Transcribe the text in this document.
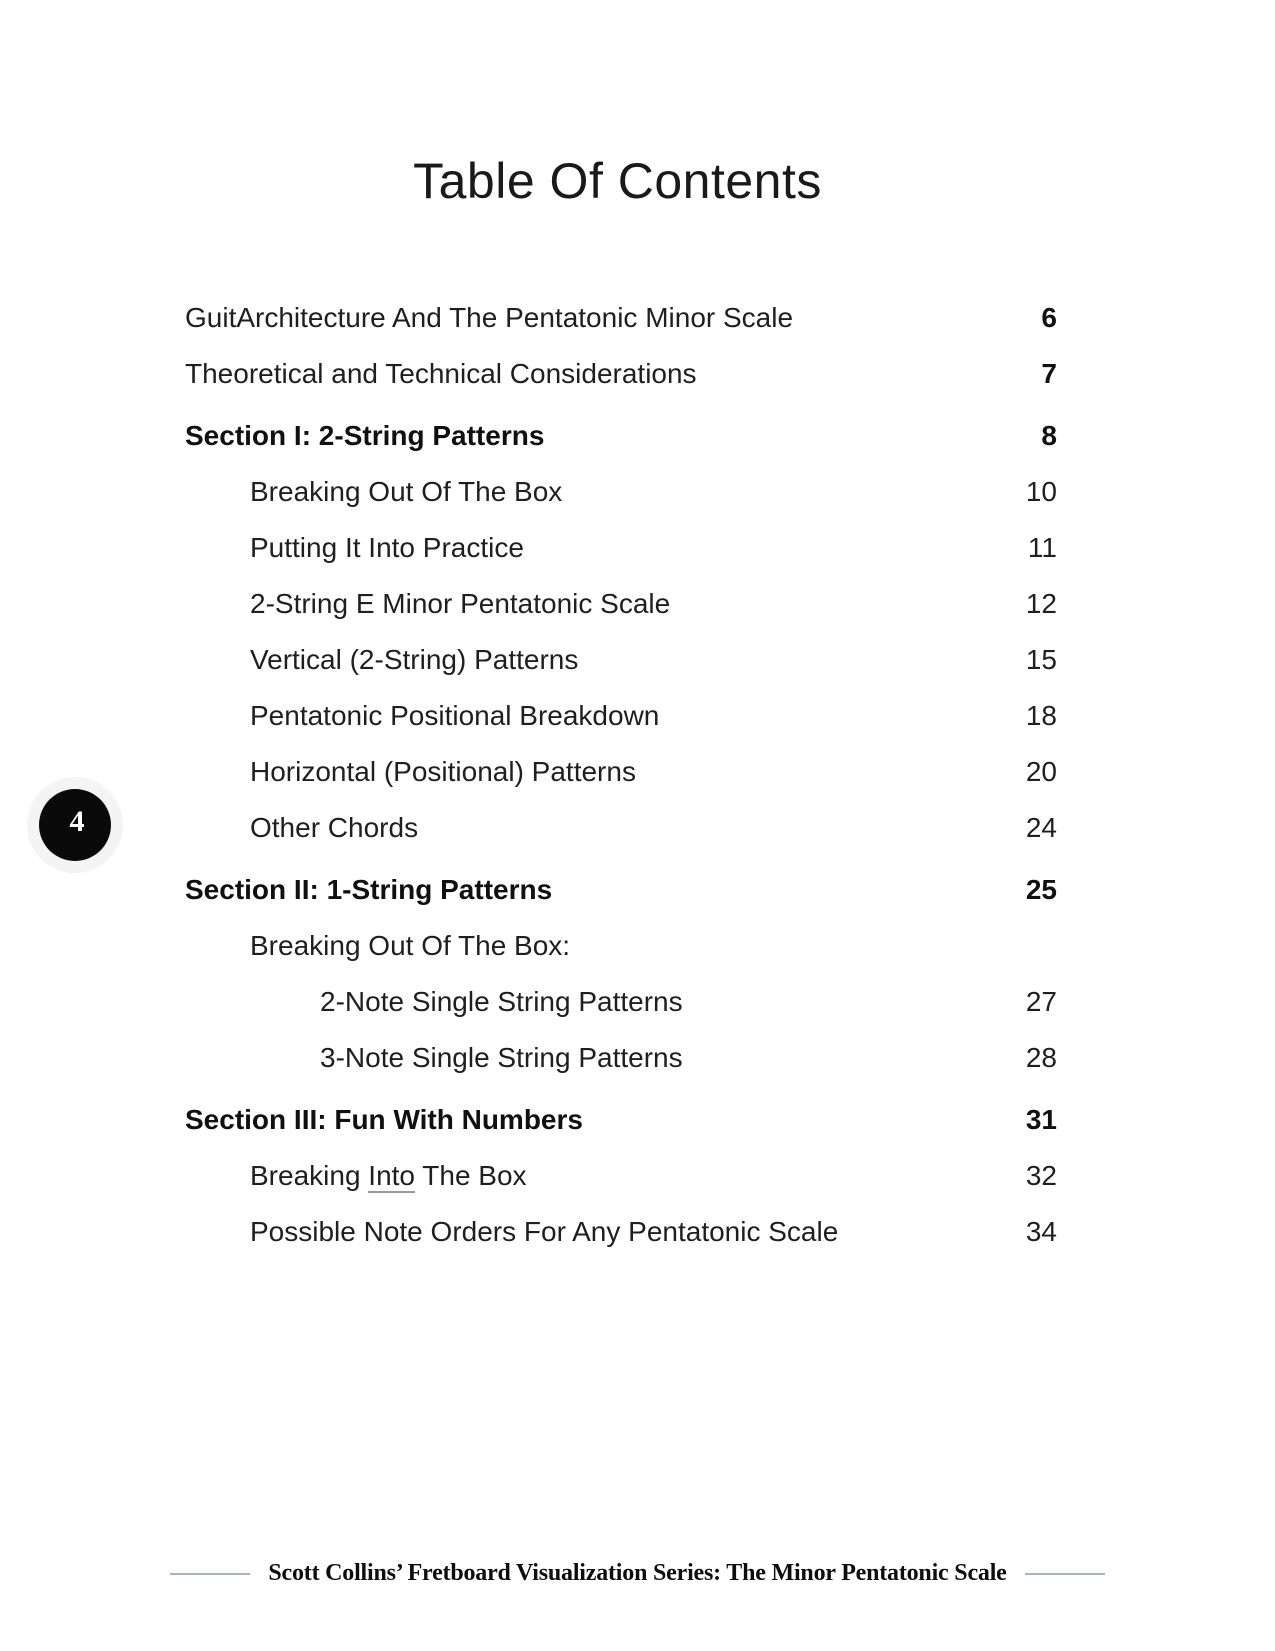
Table Of Contents
4
GuitArchitecture And The Pentatonic Minor Scale	6
Theoretical and Technical Considerations	7
Section I: 2-String Patterns	8
Breaking Out Of The Box	10
Putting It Into Practice	11
2-String E Minor Pentatonic Scale	12
Vertical (2-String) Patterns	15
Pentatonic Positional Breakdown	18
Horizontal (Positional) Patterns	20
Other Chords	24
Section II: 1-String Patterns	25
Breaking Out Of The Box:
2-Note Single String Patterns	27
3-Note Single String Patterns	28
Section III: Fun With Numbers	31
Breaking Into The Box	32
Possible Note Orders For Any Pentatonic Scale	34
Scott Collins’ Fretboard Visualization Series: The Minor Pentatonic Scale
